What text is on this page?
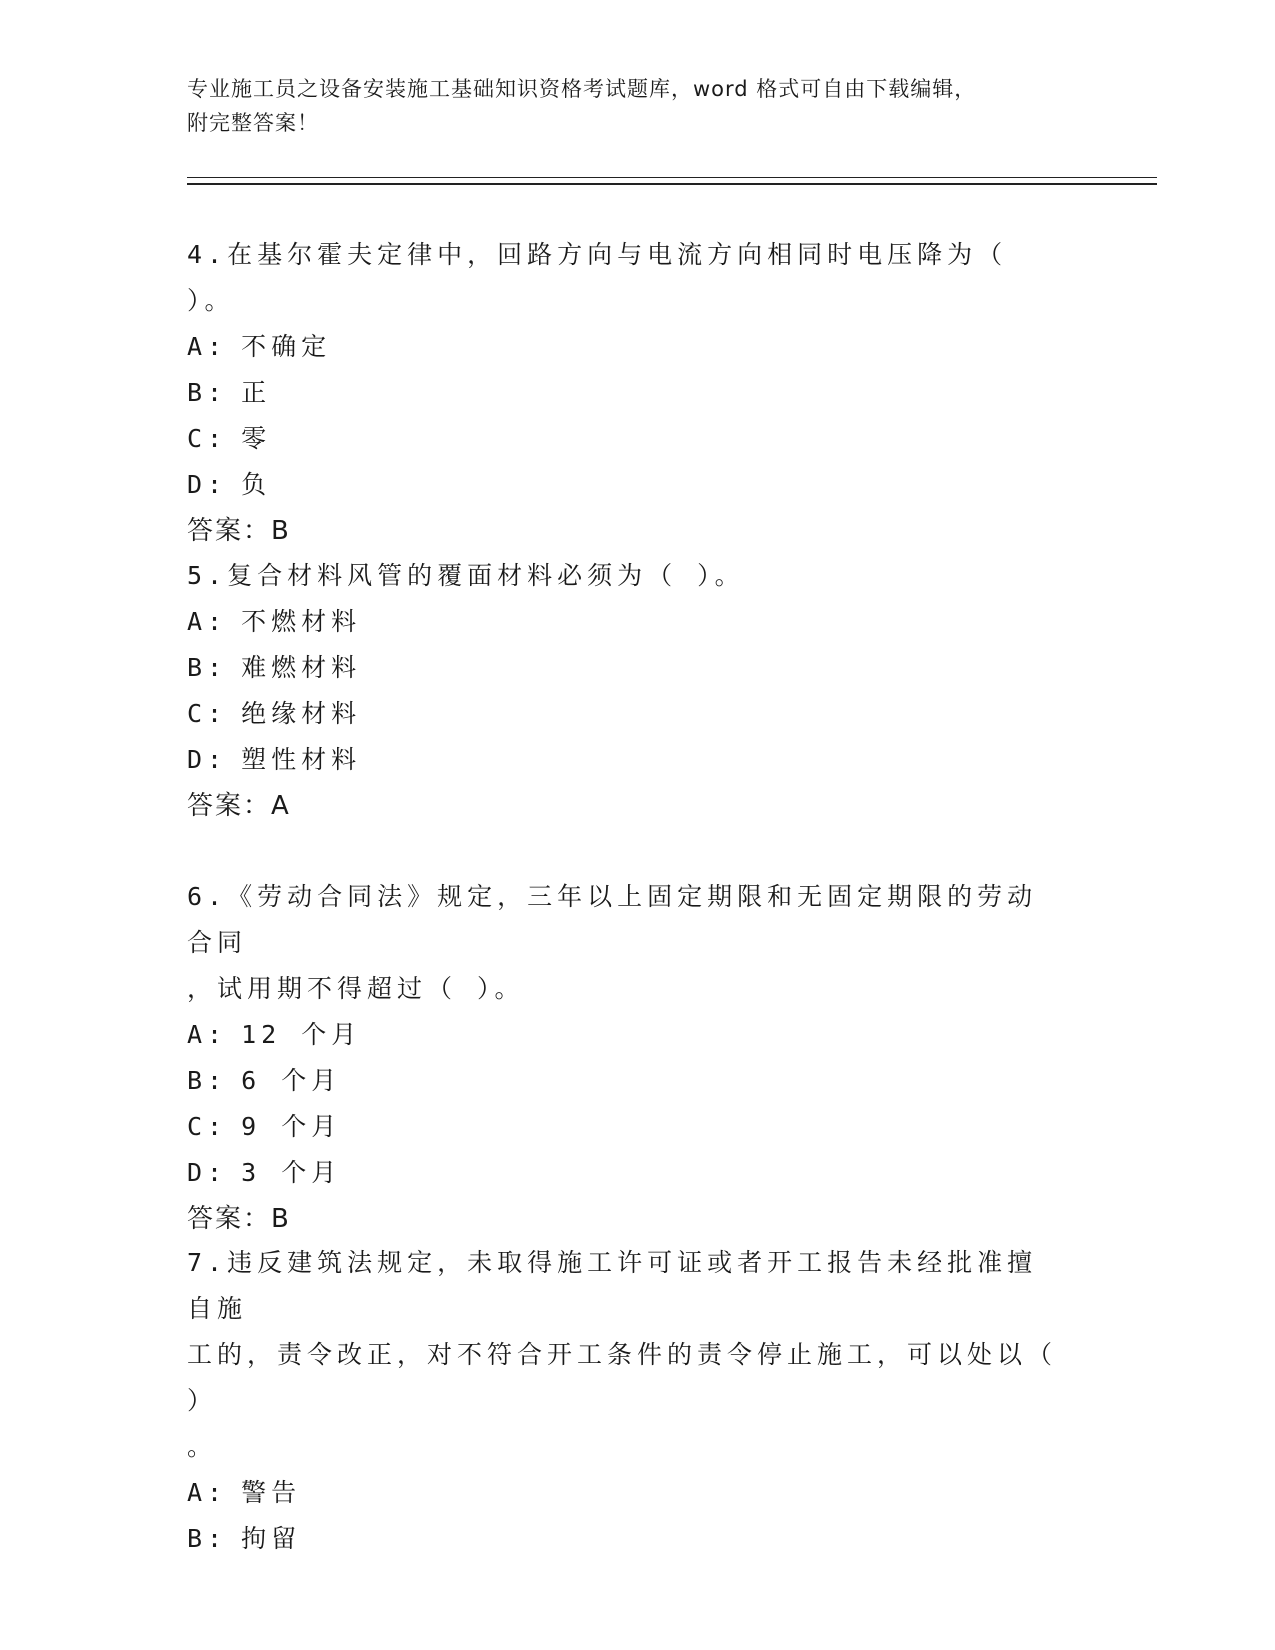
专业施工员之设备安装施工基础知识资格考试题库，word 格式可自由下载编辑，
附完整答案！
4.在基尔霍夫定律中，回路方向与电流方向相同时电压降为（ ）。
A: 不确定
B: 正
C: 零
D: 负
答案：B
5.复合材料风管的覆面材料必须为（ ）。
A: 不燃材料
B: 难燃材料
C: 绝缘材料
D: 塑性材料
答案：A
6.《劳动合同法》规定，三年以上固定期限和无固定期限的劳动合同
，试用期不得超过（ ）。
A: 12 个月
B: 6 个月
C: 9 个月
D: 3 个月
答案：B
7.违反建筑法规定，未取得施工许可证或者开工报告未经批准擅自施
工的，责令改正，对不符合开工条件的责令停止施工，可以处以（ ）
。
A: 警告
B: 拘留
